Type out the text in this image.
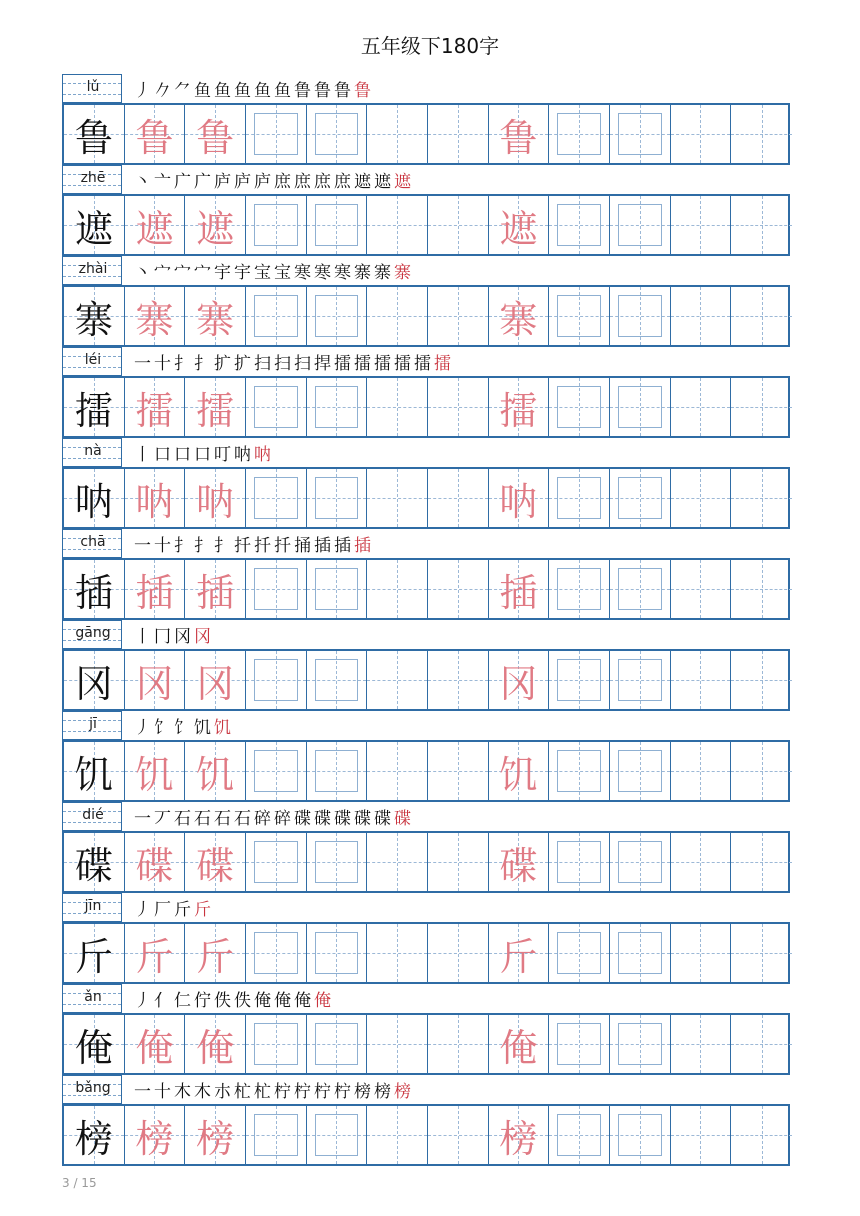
五年级下180字
lǔ	丿 𠂊 ⺈ 鱼 鱼 鱼 鱼 鱼 鲁 鲁 鲁 鲁
鲁 鲁 鲁	鲁
zhē	丶 亠 广 广 庐 庐 庐 庶 庶 庶 庶 遮 遮 遮
遮 遮 遮	遮
zhài	丶 宀 宀 宀 宇 宇 宝 宝 寒 寒 寒 寨 寨 寨
寨 寨 寨	寨
léi	一 十 扌 扌 扩 扩 扫 扫 扫 捍 擂 擂 擂 擂 擂 擂
擂 擂 擂	擂
nà	丨 口 口 口 叮 呐 呐
呐 呐 呐	呐
chā	一 十 扌 扌 扌 扦 扦 扦 捅 插 插 插
插 插 插	插
gāng	丨 冂 冈 冈
冈 冈 冈	冈
jī	丿 饣 饣 饥 饥
饥 饥 饥	饥
dié	一 丆 石 石 石 石 碎 碎 碟 碟 碟 碟 碟 碟
碟 碟 碟	碟
jīn	丿 厂 斤 斤
斤 斤 斤	斤
ǎn	丿 亻 仁 佇 佚 佚 俺 俺 俺 俺
俺 俺 俺	俺
bǎng	一 十 木 木 朩 杧 杧 柠 柠 柠 柠 榜 榜 榜
榜 榜 榜	榜
3 / 15
